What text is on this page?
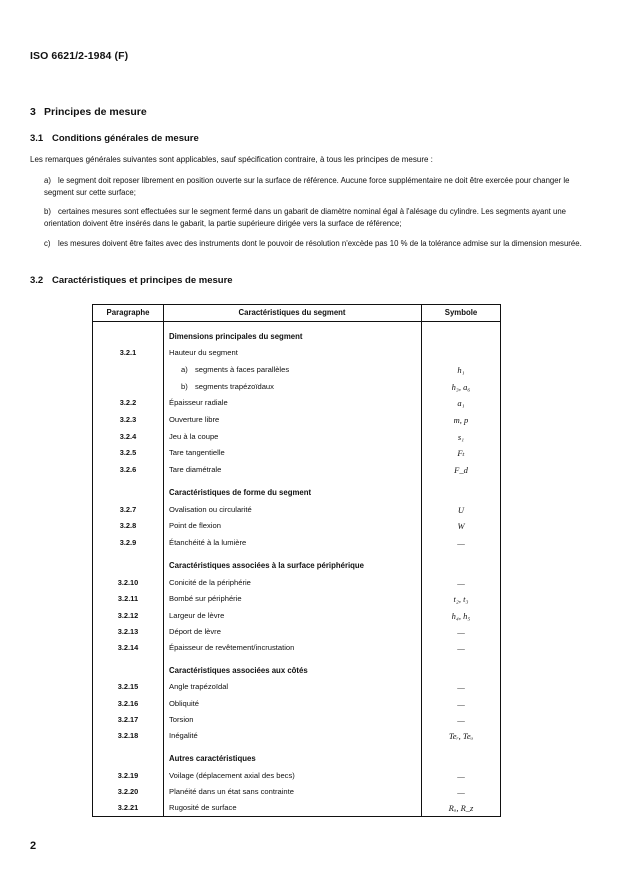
ISO 6621/2-1984 (F)
3 Principes de mesure
3.1 Conditions générales de mesure
Les remarques générales suivantes sont applicables, sauf spécification contraire, à tous les principes de mesure :
a) le segment doit reposer librement en position ouverte sur la surface de référence. Aucune force supplémentaire ne doit être exercée pour changer le segment sur cette surface;
b) certaines mesures sont effectuées sur le segment fermé dans un gabarit de diamètre nominal égal à l'alésage du cylindre. Les segments ayant une orientation doivent être insérés dans le gabarit, la partie supérieure dirigée vers la surface de référence;
c) les mesures doivent être faites avec des instruments dont le pouvoir de résolution n'excède pas 10 % de la tolérance admise sur la dimension mesurée.
3.2 Caractéristiques et principes de mesure
Paragraphe	Caractéristiques du segment	Symbole
Dimensions principales du segment
3.2.1	Hauteur du segment
a) segments à faces parallèles	h₁
b) segments trapézoïdaux	h₃, a₆
3.2.2	Épaisseur radiale	a₁
3.2.3	Ouverture libre	m, p
3.2.4	Jeu à la coupe	s₁
3.2.5	Tare tangentielle	Fₜ
3.2.6	Tare diamétrale	F_d
Caractéristiques de forme du segment
3.2.7	Ovalisation ou circularité	U
3.2.8	Point de flexion	W
3.2.9	Étanchéité à la lumière	—
Caractéristiques associées à la surface périphérique
3.2.10	Conicité de la périphérie	—
3.2.11	Bombé sur périphérie	t₂, t₃
3.2.12	Largeur de lèvre	h₄, h₅
3.2.13	Déport de lèvre	—
3.2.14	Épaisseur de revêtement/incrustation	—
Caractéristiques associées aux côtés
3.2.15	Angle trapézoïdal	—
3.2.16	Obliquité	—
3.2.17	Torsion	—
3.2.18	Inégalité	Teᵣ, Teᵤ
Autres caractéristiques
3.2.19	Voilage (déplacement axial des becs)	—
3.2.20	Planéité dans un état sans contrainte	—
3.2.21	Rugosité de surface	Rₐ, R_z
2
